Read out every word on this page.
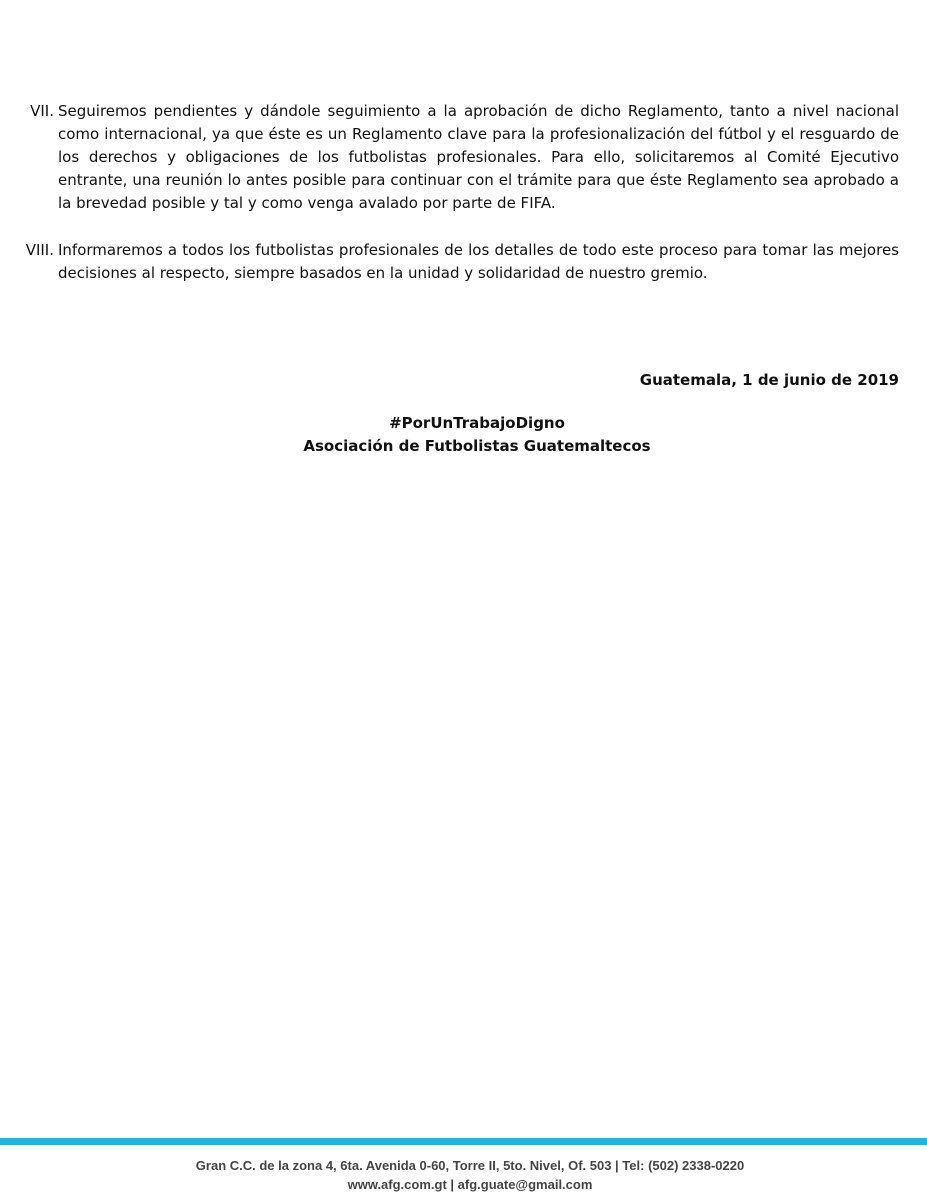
VII. Seguiremos pendientes y dándole seguimiento a la aprobación de dicho Reglamento, tanto a nivel nacional como internacional, ya que éste es un Reglamento clave para la profesionalización del fútbol y el resguardo de los derechos y obligaciones de los futbolistas profesionales. Para ello, solicitaremos al Comité Ejecutivo entrante, una reunión lo antes posible para continuar con el trámite para que éste Reglamento sea aprobado a la brevedad posible y tal y como venga avalado por parte de FIFA.
VIII. Informaremos a todos los futbolistas profesionales de los detalles de todo este proceso para tomar las mejores decisiones al respecto, siempre basados en la unidad y solidaridad de nuestro gremio.
Guatemala, 1 de junio de 2019
#PorUnTrabajoDigno
Asociación de Futbolistas Guatemaltecos
Gran C.C. de la zona 4, 6ta. Avenida 0-60, Torre II, 5to. Nivel, Of. 503 | Tel: (502) 2338-0220
www.afg.com.gt | afg.guate@gmail.com
